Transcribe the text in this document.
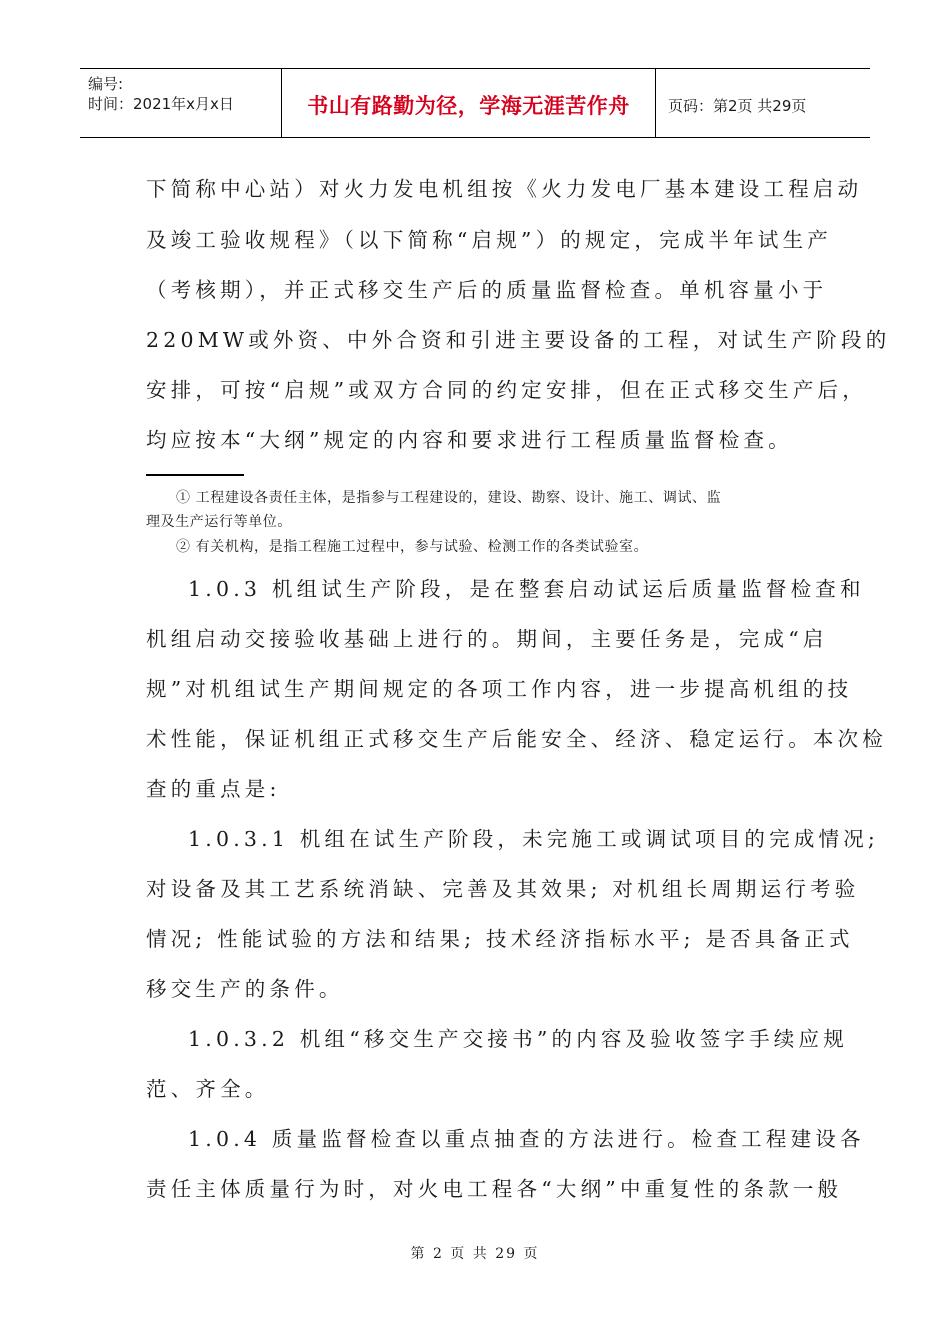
编号:
时间：2021年x月x日	书山有路勤为径，学海无涯苦作舟	页码：第2页 共29页
下简称中心站）对火力发电机组按《火力发电厂基本建设工程启动
及竣工验收规程》（以下简称“启规”）的规定，完成半年试生产
（考核期），并正式移交生产后的质量监督检查。单机容量小于
220MW或外资、中外合资和引进主要设备的工程，对试生产阶段的
安排，可按“启规”或双方合同的约定安排，但在正式移交生产后，
均应按本“大纲”规定的内容和要求进行工程质量监督检查。
① 工程建设各责任主体，是指参与工程建设的，建设、勘察、设计、施工、调试、监
理及生产运行等单位。
② 有关机构，是指工程施工过程中，参与试验、检测工作的各类试验室。
1.0.3 机组试生产阶段，是在整套启动试运后质量监督检查和
机组启动交接验收基础上进行的。期间，主要任务是，完成“启
规”对机组试生产期间规定的各项工作内容，进一步提高机组的技
术性能，保证机组正式移交生产后能安全、经济、稳定运行。本次检
查的重点是:
1.0.3.1 机组在试生产阶段，未完施工或调试项目的完成情况;
对设备及其工艺系统消缺、完善及其效果; 对机组长周期运行考验
情况; 性能试验的方法和结果; 技术经济指标水平; 是否具备正式
移交生产的条件。
1.0.3.2 机组“移交生产交接书”的内容及验收签字手续应规
范、齐全。
1.0.4 质量监督检查以重点抽查的方法进行。检查工程建设各
责任主体质量行为时，对火电工程各“大纲”中重复性的条款一般
第 2 页 共 29 页
